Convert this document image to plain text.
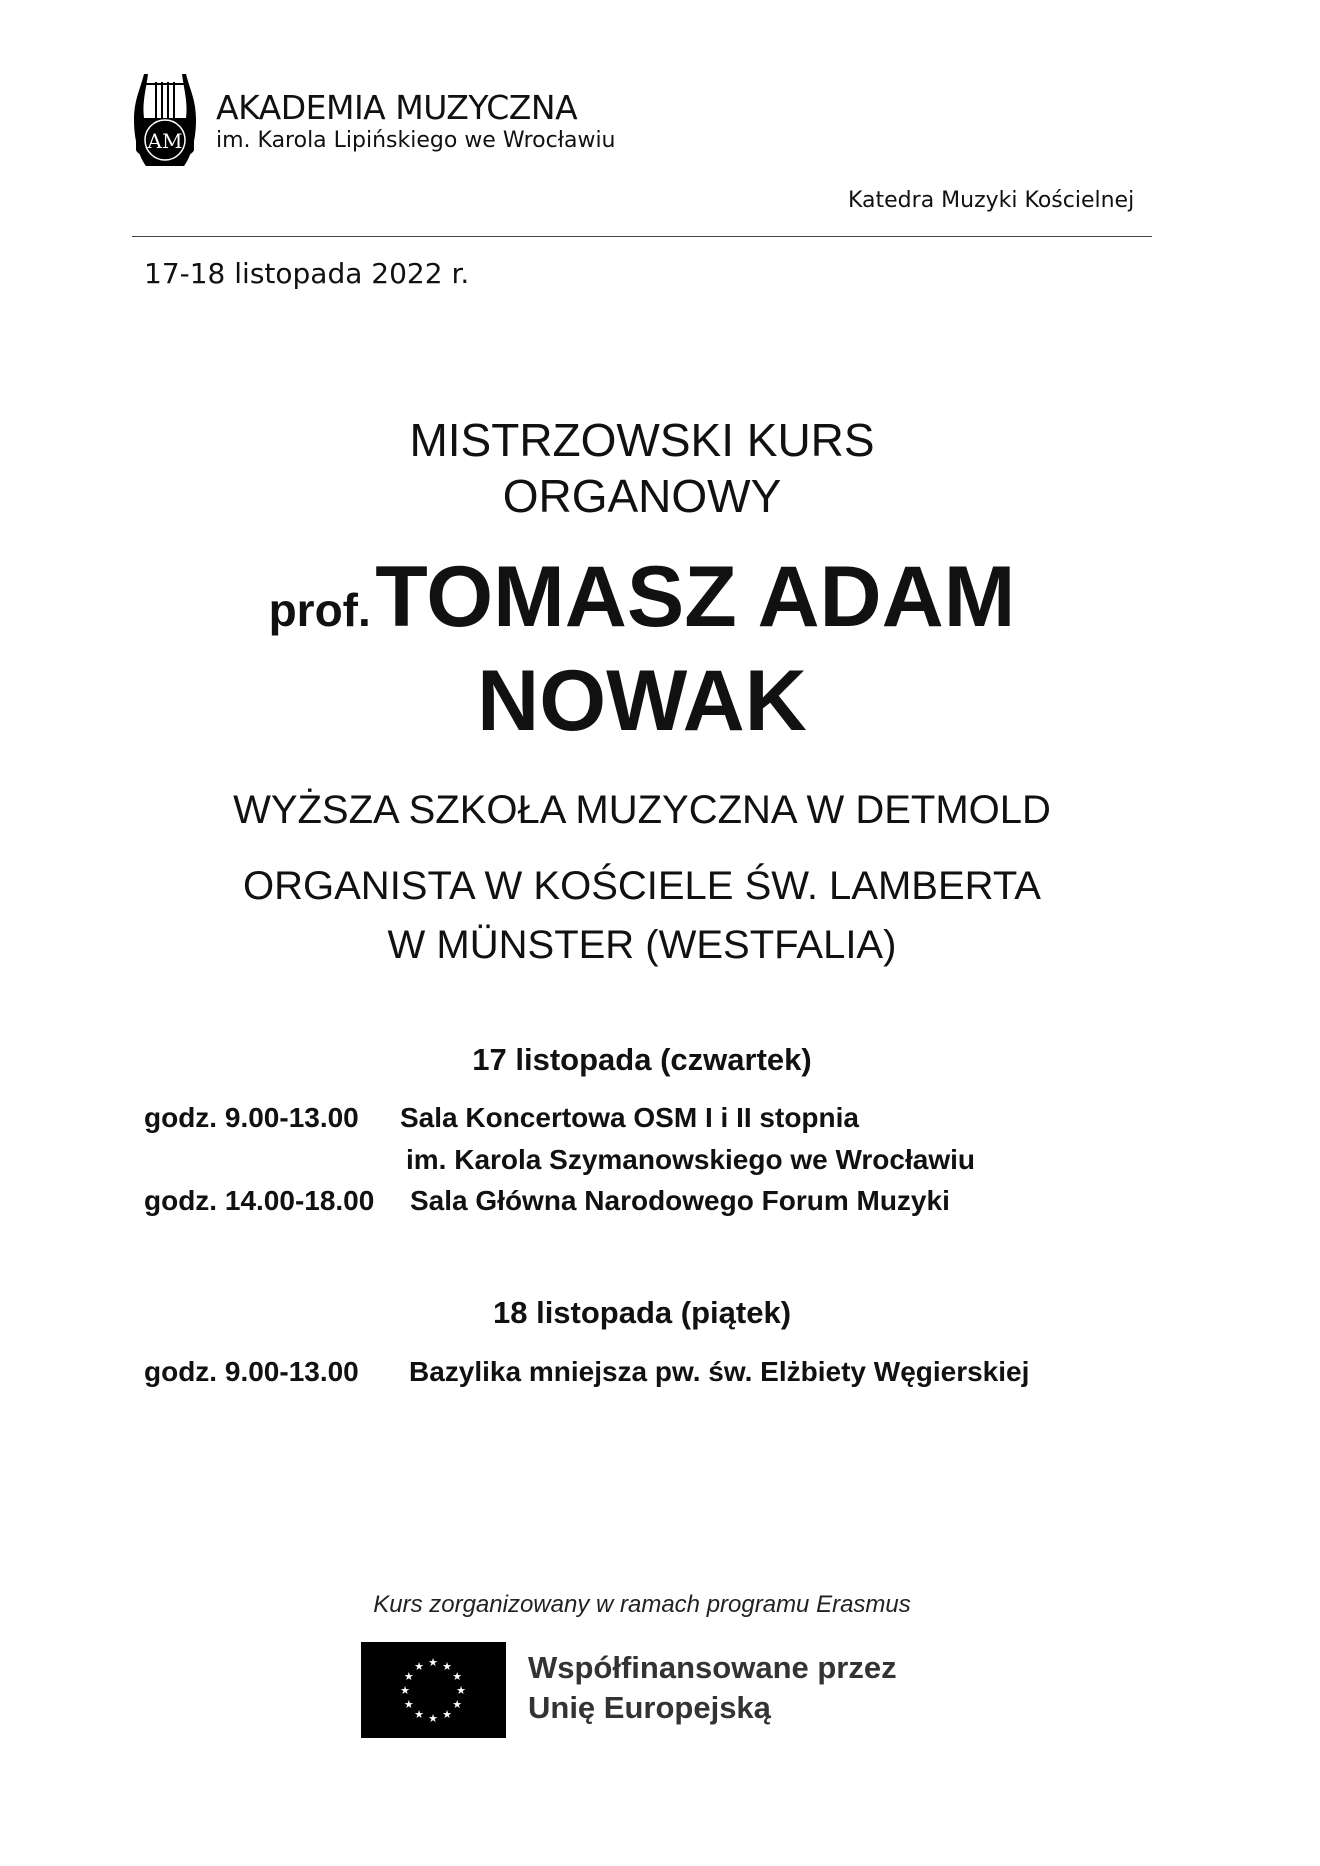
AM
AKADEMIA MUZYCZNA
im. Karola Lipińskiego we Wrocławiu
Katedra Muzyki Kościelnej
17-18 listopada 2022 r.
MISTRZOWSKI KURS
ORGANOWY
prof. TOMASZ ADAM
NOWAK
WYŻSZA SZKOŁA MUZYCZNA W DETMOLD
ORGANISTA W KOŚCIELE ŚW. LAMBERTA
W MÜNSTER (WESTFALIA)
17 listopada (czwartek)
godz. 9.00-13.00 Sala Koncertowa OSM I i II stopnia
im. Karola Szymanowskiego we Wrocławiu
godz. 14.00-18.00 Sala Główna Narodowego Forum Muzyki
18 listopada (piątek)
godz. 9.00-13.00 Bazylika mniejsza pw. św. Elżbiety Węgierskiej
Kurs zorganizowany w ramach programu Erasmus
★ ★
★
★
★
★
★
★
★
★
★
★	Współfinansowane przez
Unię Europejską
